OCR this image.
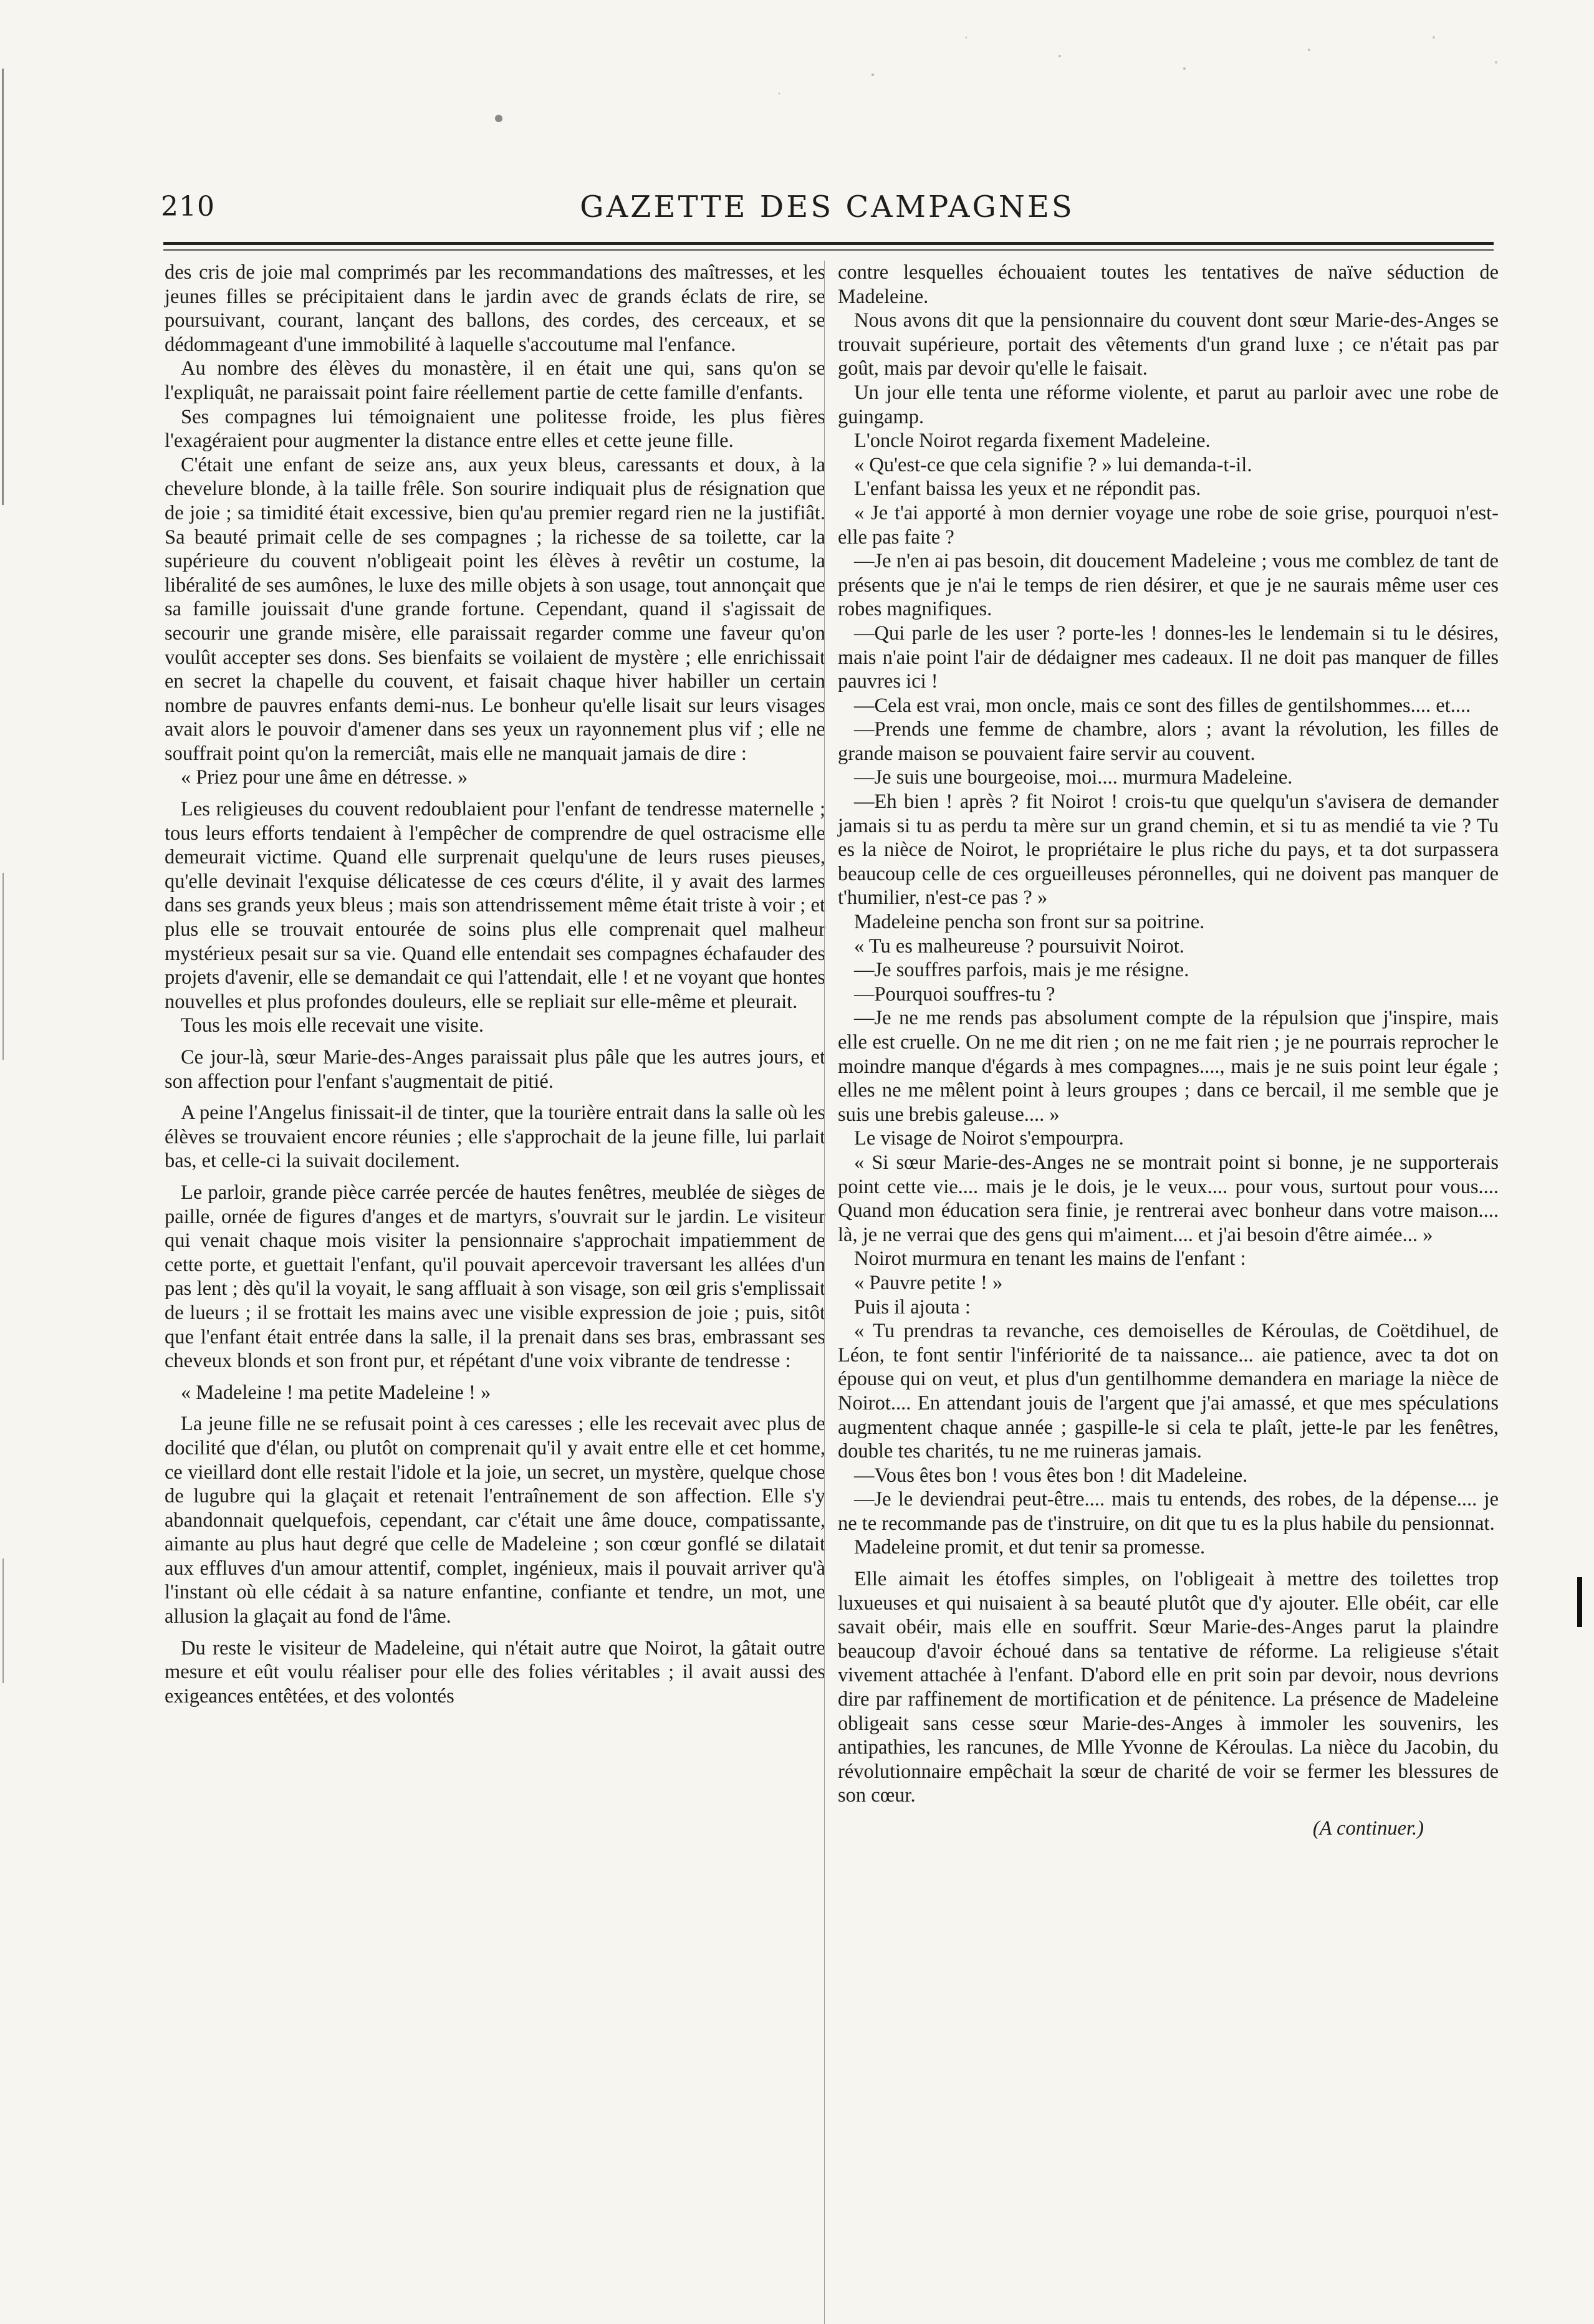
210	GAZETTE DES CAMPAGNES

des cris de joie mal comprimés par les recommandations des maîtresses, et les jeunes filles se précipitaient dans le jardin avec de grands éclats de rire, se poursuivant, courant, lançant des ballons, des cordes, des cerceaux, et se dédommageant d'une immobilité à laquelle s'accoutume mal l'enfance.

Au nombre des élèves du monastère, il en était une qui, sans qu'on se l'expliquât, ne paraissait point faire réellement partie de cette famille d'enfants.

Ses compagnes lui témoignaient une politesse froide, les plus fières l'exagéraient pour augmenter la distance entre elles et cette jeune fille.

C'était une enfant de seize ans, aux yeux bleus, caressants et doux, à la chevelure blonde, à la taille frêle. Son sourire indiquait plus de résignation que de joie ; sa timidité était excessive, bien qu'au premier regard rien ne la justifiât. Sa beauté primait celle de ses compagnes ; la richesse de sa toilette, car la supérieure du couvent n'obligeait point les élèves à revêtir un costume, la libéralité de ses aumônes, le luxe des mille objets à son usage, tout annonçait que sa famille jouissait d'une grande fortune. Cependant, quand il s'agissait de secourir une grande misère, elle paraissait regarder comme une faveur qu'on voulût accepter ses dons. Ses bienfaits se voilaient de mystère ; elle enrichissait en secret la chapelle du couvent, et faisait chaque hiver habiller un certain nombre de pauvres enfants demi-nus. Le bonheur qu'elle lisait sur leurs visages avait alors le pouvoir d'amener dans ses yeux un rayonnement plus vif ; elle ne souffrait point qu'on la remerciât, mais elle ne manquait jamais de dire :

« Priez pour une âme en détresse. »

Les religieuses du couvent redoublaient pour l'enfant de tendresse maternelle ; tous leurs efforts tendaient à l'empêcher de comprendre de quel ostracisme elle demeurait victime. Quand elle surprenait quelqu'une de leurs ruses pieuses, qu'elle devinait l'exquise délicatesse de ces cœurs d'élite, il y avait des larmes dans ses grands yeux bleus ; mais son attendrissement même était triste à voir ; et plus elle se trouvait entourée de soins plus elle comprenait quel malheur mystérieux pesait sur sa vie. Quand elle entendait ses compagnes échafauder des projets d'avenir, elle se demandait ce qui l'attendait, elle ! et ne voyant que hontes nouvelles et plus profondes douleurs, elle se repliait sur elle-même et pleurait.

Tous les mois elle recevait une visite.

Ce jour-là, sœur Marie-des-Anges paraissait plus pâle que les autres jours, et son affection pour l'enfant s'augmentait de pitié.

A peine l'Angelus finissait-il de tinter, que la tourière entrait dans la salle où les élèves se trouvaient encore réunies ; elle s'approchait de la jeune fille, lui parlait bas, et celle-ci la suivait docilement.

Le parloir, grande pièce carrée percée de hautes fenêtres, meublée de sièges de paille, ornée de figures d'anges et de martyrs, s'ouvrait sur le jardin. Le visiteur qui venait chaque mois visiter la pensionnaire s'approchait impatiemment de cette porte, et guettait l'enfant, qu'il pouvait apercevoir traversant les allées d'un pas lent ; dès qu'il la voyait, le sang affluait à son visage, son œil gris s'emplissait de lueurs ; il se frottait les mains avec une visible expression de joie ; puis, sitôt que l'enfant était entrée dans la salle, il la prenait dans ses bras, embrassant ses cheveux blonds et son front pur, et répétant d'une voix vibrante de tendresse :

« Madeleine ! ma petite Madeleine ! »

La jeune fille ne se refusait point à ces caresses ; elle les recevait avec plus de docilité que d'élan, ou plutôt on comprenait qu'il y avait entre elle et cet homme, ce vieillard dont elle restait l'idole et la joie, un secret, un mystère, quelque chose de lugubre qui la glaçait et retenait l'entraînement de son affection. Elle s'y abandonnait quelquefois, cependant, car c'était une âme douce, compatissante, aimante au plus haut degré que celle de Madeleine ; son cœur gonflé se dilatait aux effluves d'un amour attentif, complet, ingénieux, mais il pouvait arriver qu'à l'instant où elle cédait à sa nature enfantine, confiante et tendre, un mot, une allusion la glaçait au fond de l'âme.

Du reste le visiteur de Madeleine, qui n'était autre que Noirot, la gâtait outre mesure et eût voulu réaliser pour elle des folies véritables ; il avait aussi des exigeances entêtées, et des volontés

contre lesquelles échouaient toutes les tentatives de naïve séduction de Madeleine.

Nous avons dit que la pensionnaire du couvent dont sœur Marie-des-Anges se trouvait supérieure, portait des vêtements d'un grand luxe ; ce n'était pas par goût, mais par devoir qu'elle le faisait.

Un jour elle tenta une réforme violente, et parut au parloir avec une robe de guingamp.

L'oncle Noirot regarda fixement Madeleine.

« Qu'est-ce que cela signifie ? » lui demanda-t-il.

L'enfant baissa les yeux et ne répondit pas.

« Je t'ai apporté à mon dernier voyage une robe de soie grise, pourquoi n'est-elle pas faite ?

—Je n'en ai pas besoin, dit doucement Madeleine ; vous me comblez de tant de présents que je n'ai le temps de rien désirer, et que je ne saurais même user ces robes magnifiques.

—Qui parle de les user ? porte-les ! donnes-les le lendemain si tu le désires, mais n'aie point l'air de dédaigner mes cadeaux. Il ne doit pas manquer de filles pauvres ici !

—Cela est vrai, mon oncle, mais ce sont des filles de gentilshommes.... et....

—Prends une femme de chambre, alors ; avant la révolution, les filles de grande maison se pouvaient faire servir au couvent.

—Je suis une bourgeoise, moi.... murmura Madeleine.

—Eh bien ! après ? fit Noirot ! crois-tu que quelqu'un s'avisera de demander jamais si tu as perdu ta mère sur un grand chemin, et si tu as mendié ta vie ? Tu es la nièce de Noirot, le propriétaire le plus riche du pays, et ta dot surpassera beaucoup celle de ces orgueilleuses péronnelles, qui ne doivent pas manquer de t'humilier, n'est-ce pas ? »

Madeleine pencha son front sur sa poitrine.

« Tu es malheureuse ? poursuivit Noirot.

—Je souffres parfois, mais je me résigne.

—Pourquoi souffres-tu ?

—Je ne me rends pas absolument compte de la répulsion que j'inspire, mais elle est cruelle. On ne me dit rien ; on ne me fait rien ; je ne pourrais reprocher le moindre manque d'égards à mes compagnes...., mais je ne suis point leur égale ; elles ne me mêlent point à leurs groupes ; dans ce bercail, il me semble que je suis une brebis galeuse.... »

Le visage de Noirot s'empourpra.

« Si sœur Marie-des-Anges ne se montrait point si bonne, je ne supporterais point cette vie.... mais je le dois, je le veux.... pour vous, surtout pour vous.... Quand mon éducation sera finie, je rentrerai avec bonheur dans votre maison.... là, je ne verrai que des gens qui m'aiment.... et j'ai besoin d'être aimée... »

Noirot murmura en tenant les mains de l'enfant :

« Pauvre petite ! »

Puis il ajouta :

« Tu prendras ta revanche, ces demoiselles de Kéroulas, de Coëtdihuel, de Léon, te font sentir l'infériorité de ta naissance... aie patience, avec ta dot on épouse qui on veut, et plus d'un gentilhomme demandera en mariage la nièce de Noirot.... En attendant jouis de l'argent que j'ai amassé, et que mes spéculations augmentent chaque année ; gaspille-le si cela te plaît, jette-le par les fenêtres, double tes charités, tu ne me ruineras jamais.

—Vous êtes bon ! vous êtes bon ! dit Madeleine.

—Je le deviendrai peut-être.... mais tu entends, des robes, de la dépense.... je ne te recommande pas de t'instruire, on dit que tu es la plus habile du pensionnat.

Madeleine promit, et dut tenir sa promesse.

Elle aimait les étoffes simples, on l'obligeait à mettre des toilettes trop luxueuses et qui nuisaient à sa beauté plutôt que d'y ajouter. Elle obéit, car elle savait obéir, mais elle en souffrit. Sœur Marie-des-Anges parut la plaindre beaucoup d'avoir échoué dans sa tentative de réforme. La religieuse s'était vivement attachée à l'enfant. D'abord elle en prit soin par devoir, nous devrions dire par raffinement de mortification et de pénitence. La présence de Madeleine obligeait sans cesse sœur Marie-des-Anges à immoler les souvenirs, les antipathies, les rancunes, de Mlle Yvonne de Kéroulas. La nièce du Jacobin, du révolutionnaire empêchait la sœur de charité de voir se fermer les blessures de son cœur.

(A continuer.)
